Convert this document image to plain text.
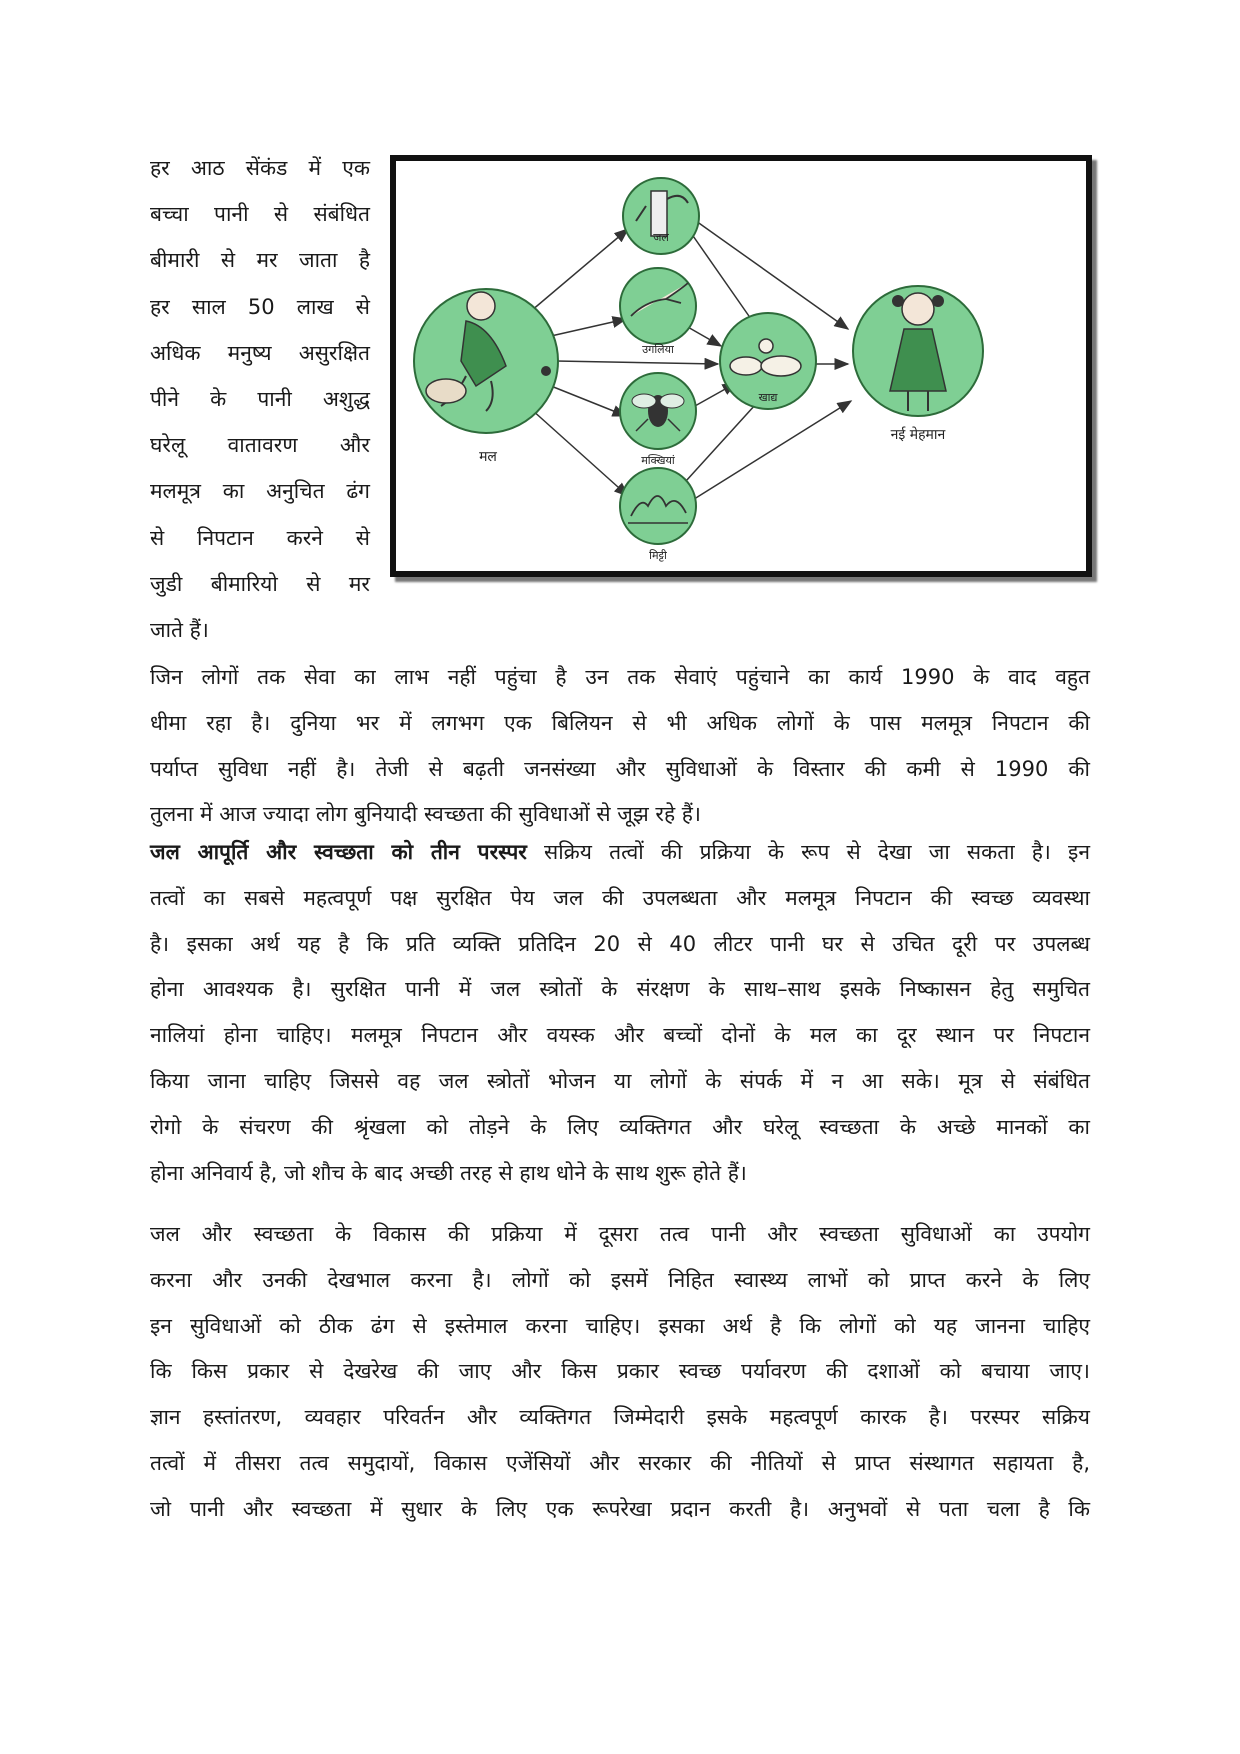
हर आठ सेंकंड में एक
बच्चा पानी से संबंधित
बीमारी से मर जाता है
हर साल 50 लाख से
अधिक मनुष्य असुरक्षित
पीने के पानी अशुद्ध
घरेलू वातावरण और
मलमूत्र का अनुचित ढंग
से निपटान करने से
जुडी बीमारियो से मर
जाते हैं।
मल
जल
उगलिया
मक्खियां
मिट्टी
खाद्य
नई मेहमान
जिन लोगों तक सेवा का लाभ नहीं पहुंचा है उन तक सेवाएं पहुंचाने का कार्य 1990 के वाद वहुत
धीमा रहा है। दुनिया भर में लगभग एक बिलियन से भी अधिक लोगों के पास मलमूत्र निपटान की
पर्याप्त सुविधा नहीं है। तेजी से बढ़ती जनसंख्या और सुविधाओं के विस्तार की कमी से 1990 की
तुलना में आज ज्यादा लोग बुनियादी स्वच्छता की सुविधाओं से जूझ रहे हैं।
जल आपूर्ति और स्वच्छता को तीन परस्पर सक्रिय तत्वों की प्रक्रिया के रूप से देखा जा सकता है। इन
तत्वों का सबसे महत्वपूर्ण पक्ष सुरक्षित पेय जल की उपलब्धता और मलमूत्र निपटान की स्वच्छ व्यवस्था
है। इसका अर्थ यह है कि प्रति व्यक्ति प्रतिदिन 20 से 40 लीटर पानी घर से उचित दूरी पर उपलब्ध
होना आवश्यक है। सुरक्षित पानी में जल स्त्रोतों के संरक्षण के साथ–साथ इसके निष्कासन हेतु समुचित
नालियां होना चाहिए। मलमूत्र निपटान और वयस्क और बच्चों दोनों के मल का दूर स्थान पर निपटान
किया जाना चाहिए जिससे वह जल स्त्रोतों भोजन या लोगों के संपर्क में न आ सके। मूत्र से संबंधित
रोगो के संचरण की श्रृंखला को तोड़ने के लिए व्यक्तिगत और घरेलू स्वच्छता के अच्छे मानकों का
होना अनिवार्य है, जो शौच के बाद अच्छी तरह से हाथ धोने के साथ शुरू होते हैं।
जल और स्वच्छता के विकास की प्रक्रिया में दूसरा तत्व पानी और स्वच्छता सुविधाओं का उपयोग
करना और उनकी देखभाल करना है। लोगों को इसमें निहित स्वास्थ्य लाभों को प्राप्त करने के लिए
इन सुविधाओं को ठीक ढंग से इस्तेमाल करना चाहिए। इसका अर्थ है कि लोगों को यह जानना चाहिए
कि किस प्रकार से देखरेख की जाए और किस प्रकार स्वच्छ पर्यावरण की दशाओं को बचाया जाए।
ज्ञान हस्तांतरण, व्यवहार परिवर्तन और व्यक्तिगत जिम्मेदारी इसके महत्वपूर्ण कारक है। परस्पर सक्रिय
तत्वों में तीसरा तत्व समुदायों, विकास एजेंसियों और सरकार की नीतियों से प्राप्त संस्थागत सहायता है,
जो पानी और स्वच्छता में सुधार के लिए एक रूपरेखा प्रदान करती है। अनुभवों से पता चला है कि
